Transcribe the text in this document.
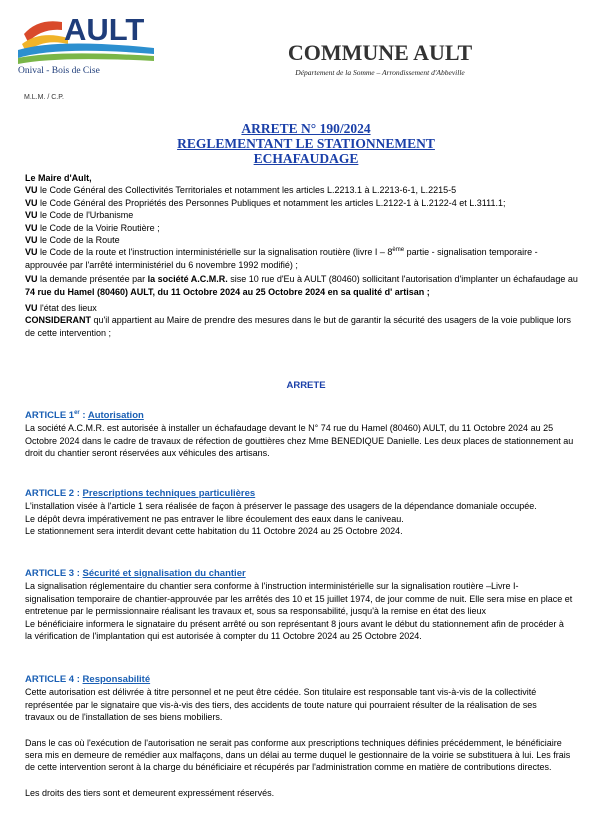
AULT
Onival - Bois de Cise
M.L.M. / C.P.
COMMUNE AULT
Département de la Somme – Arrondissement d'Abbeville
ARRETE N° 190/2024
REGLEMENTANT LE STATIONNEMENT
ECHAFAUDAGE
Le Maire d'Ault,
VU le Code Général des Collectivités Territoriales et notamment les articles L.2213.1 à L.2213-6-1, L.2215-5
VU le Code Général des Propriétés des Personnes Publiques et notamment les articles L.2122-1 à L.2122-4 et L.3111.1;
VU le Code de l'Urbanisme
VU le Code de la Voirie Routière ;
VU le Code de la Route
VU le Code de la route et l'instruction interministérielle sur la signalisation routière (livre I – 8ème partie - signalisation temporaire -
approuvée par l'arrêté interministériel du 6 novembre 1992 modifié) ;
VU la demande présentée par la société A.C.M.R. sise 10 rue d'Eu à AULT (80460) sollicitant l'autorisation d'implanter un échafaudage au
74 rue du Hamel (80460) AULT, du 11 Octobre 2024 au 25 Octobre 2024 en sa qualité d' artisan ;
VU l'état des lieux
CONSIDERANT qu'il appartient au Maire de prendre des mesures dans le but de garantir la sécurité des usagers de la voie publique lors
de cette intervention ;
ARRETE
ARTICLE 1er : Autorisation
La société A.C.M.R. est autorisée à installer un échafaudage devant le N° 74 rue du Hamel (80460) AULT, du 11 Octobre 2024 au 25
Octobre 2024 dans le cadre de travaux de réfection de gouttières chez Mme BENEDIQUE Danielle. Les deux places de stationnement au
droit du chantier seront réservées aux véhicules des artisans.
ARTICLE 2 : Prescriptions techniques particulières
L'installation visée à l'article 1 sera réalisée de façon à préserver le passage des usagers de la dépendance domaniale occupée.
Le dépôt devra impérativement ne pas entraver le libre écoulement des eaux dans le caniveau.
Le stationnement sera interdit devant cette habitation du 11 Octobre 2024 au 25 Octobre 2024.
ARTICLE 3 : Sécurité et signalisation du chantier
La signalisation réglementaire du chantier sera conforme à l'instruction interministérielle sur la signalisation routière –Livre I-
signalisation temporaire de chantier-approuvée par les arrêtés des 10 et 15 juillet 1974, de jour comme de nuit. Elle sera mise en place et
entretenue par le permissionnaire réalisant les travaux et, sous sa responsabilité, jusqu'à la remise en état des lieux
Le bénéficiaire informera le signataire du présent arrêté ou son représentant 8 jours avant le début du stationnement afin de procéder à
la vérification de l'implantation qui est autorisée à compter du 11 Octobre 2024 au 25 Octobre 2024.
ARTICLE 4 : Responsabilité
Cette autorisation est délivrée à titre personnel et ne peut être cédée. Son titulaire est responsable tant vis-à-vis de la collectivité
représentée par le signataire que vis-à-vis des tiers, des accidents de toute nature qui pourraient résulter de la réalisation de ses
travaux ou de l'installation de ses biens mobiliers.
Dans le cas où l'exécution de l'autorisation ne serait pas conforme aux prescriptions techniques définies précédemment, le bénéficiaire
sera mis en demeure de remédier aux malfaçons, dans un délai au terme duquel le gestionnaire de la voirie se substituera à lui. Les frais
de cette intervention seront à la charge du bénéficiaire et récupérés par l'administration comme en matière de contributions directes.
Les droits des tiers sont et demeurent expressément réservés.
